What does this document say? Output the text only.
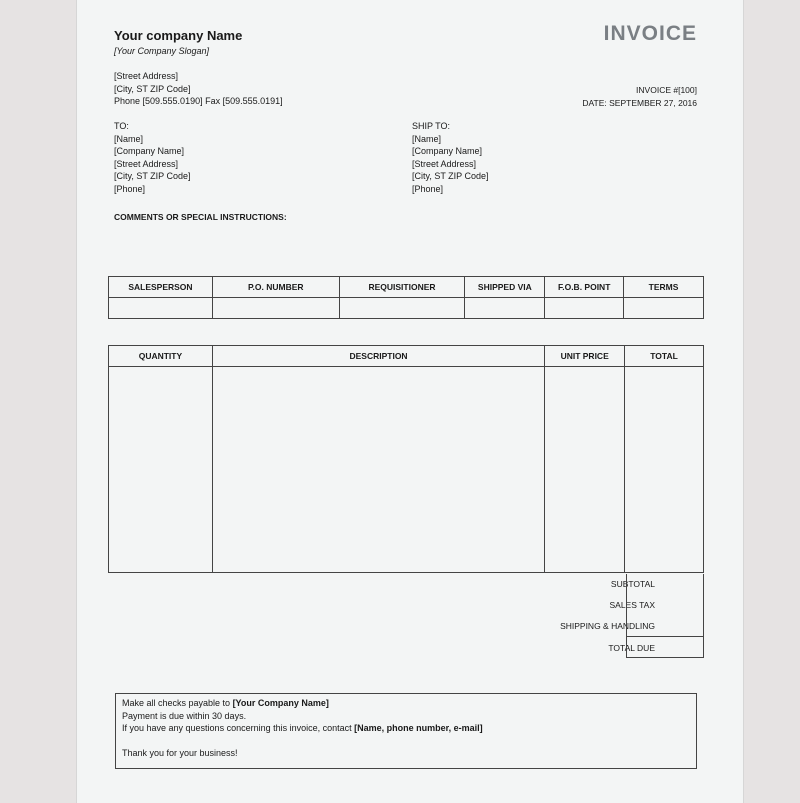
Your company Name
[Your Company Slogan]
INVOICE
[Street Address]
[City, ST ZIP Code]
Phone [509.555.0190] Fax [509.555.0191]
INVOICE #[100]
DATE: SEPTEMBER 27, 2016
TO:
[Name]
[Company Name]
[Street Address]
[City, ST ZIP Code]
[Phone]
SHIP TO:
[Name]
[Company Name]
[Street Address]
[City, ST ZIP Code]
[Phone]
COMMENTS OR SPECIAL INSTRUCTIONS:
SALESPERSON	P.O. NUMBER	REQUISITIONER	SHIPPED VIA	F.O.B. POINT	TERMS

QUANTITY	DESCRIPTION	UNIT PRICE	TOTAL

SUBTOTAL
SALES TAX
SHIPPING & HANDLING
TOTAL DUE
Make all checks payable to [Your Company Name]
Payment is due within 30 days.
If you have any questions concerning this invoice, contact [Name, phone number, e-mail]

Thank you for your business!
